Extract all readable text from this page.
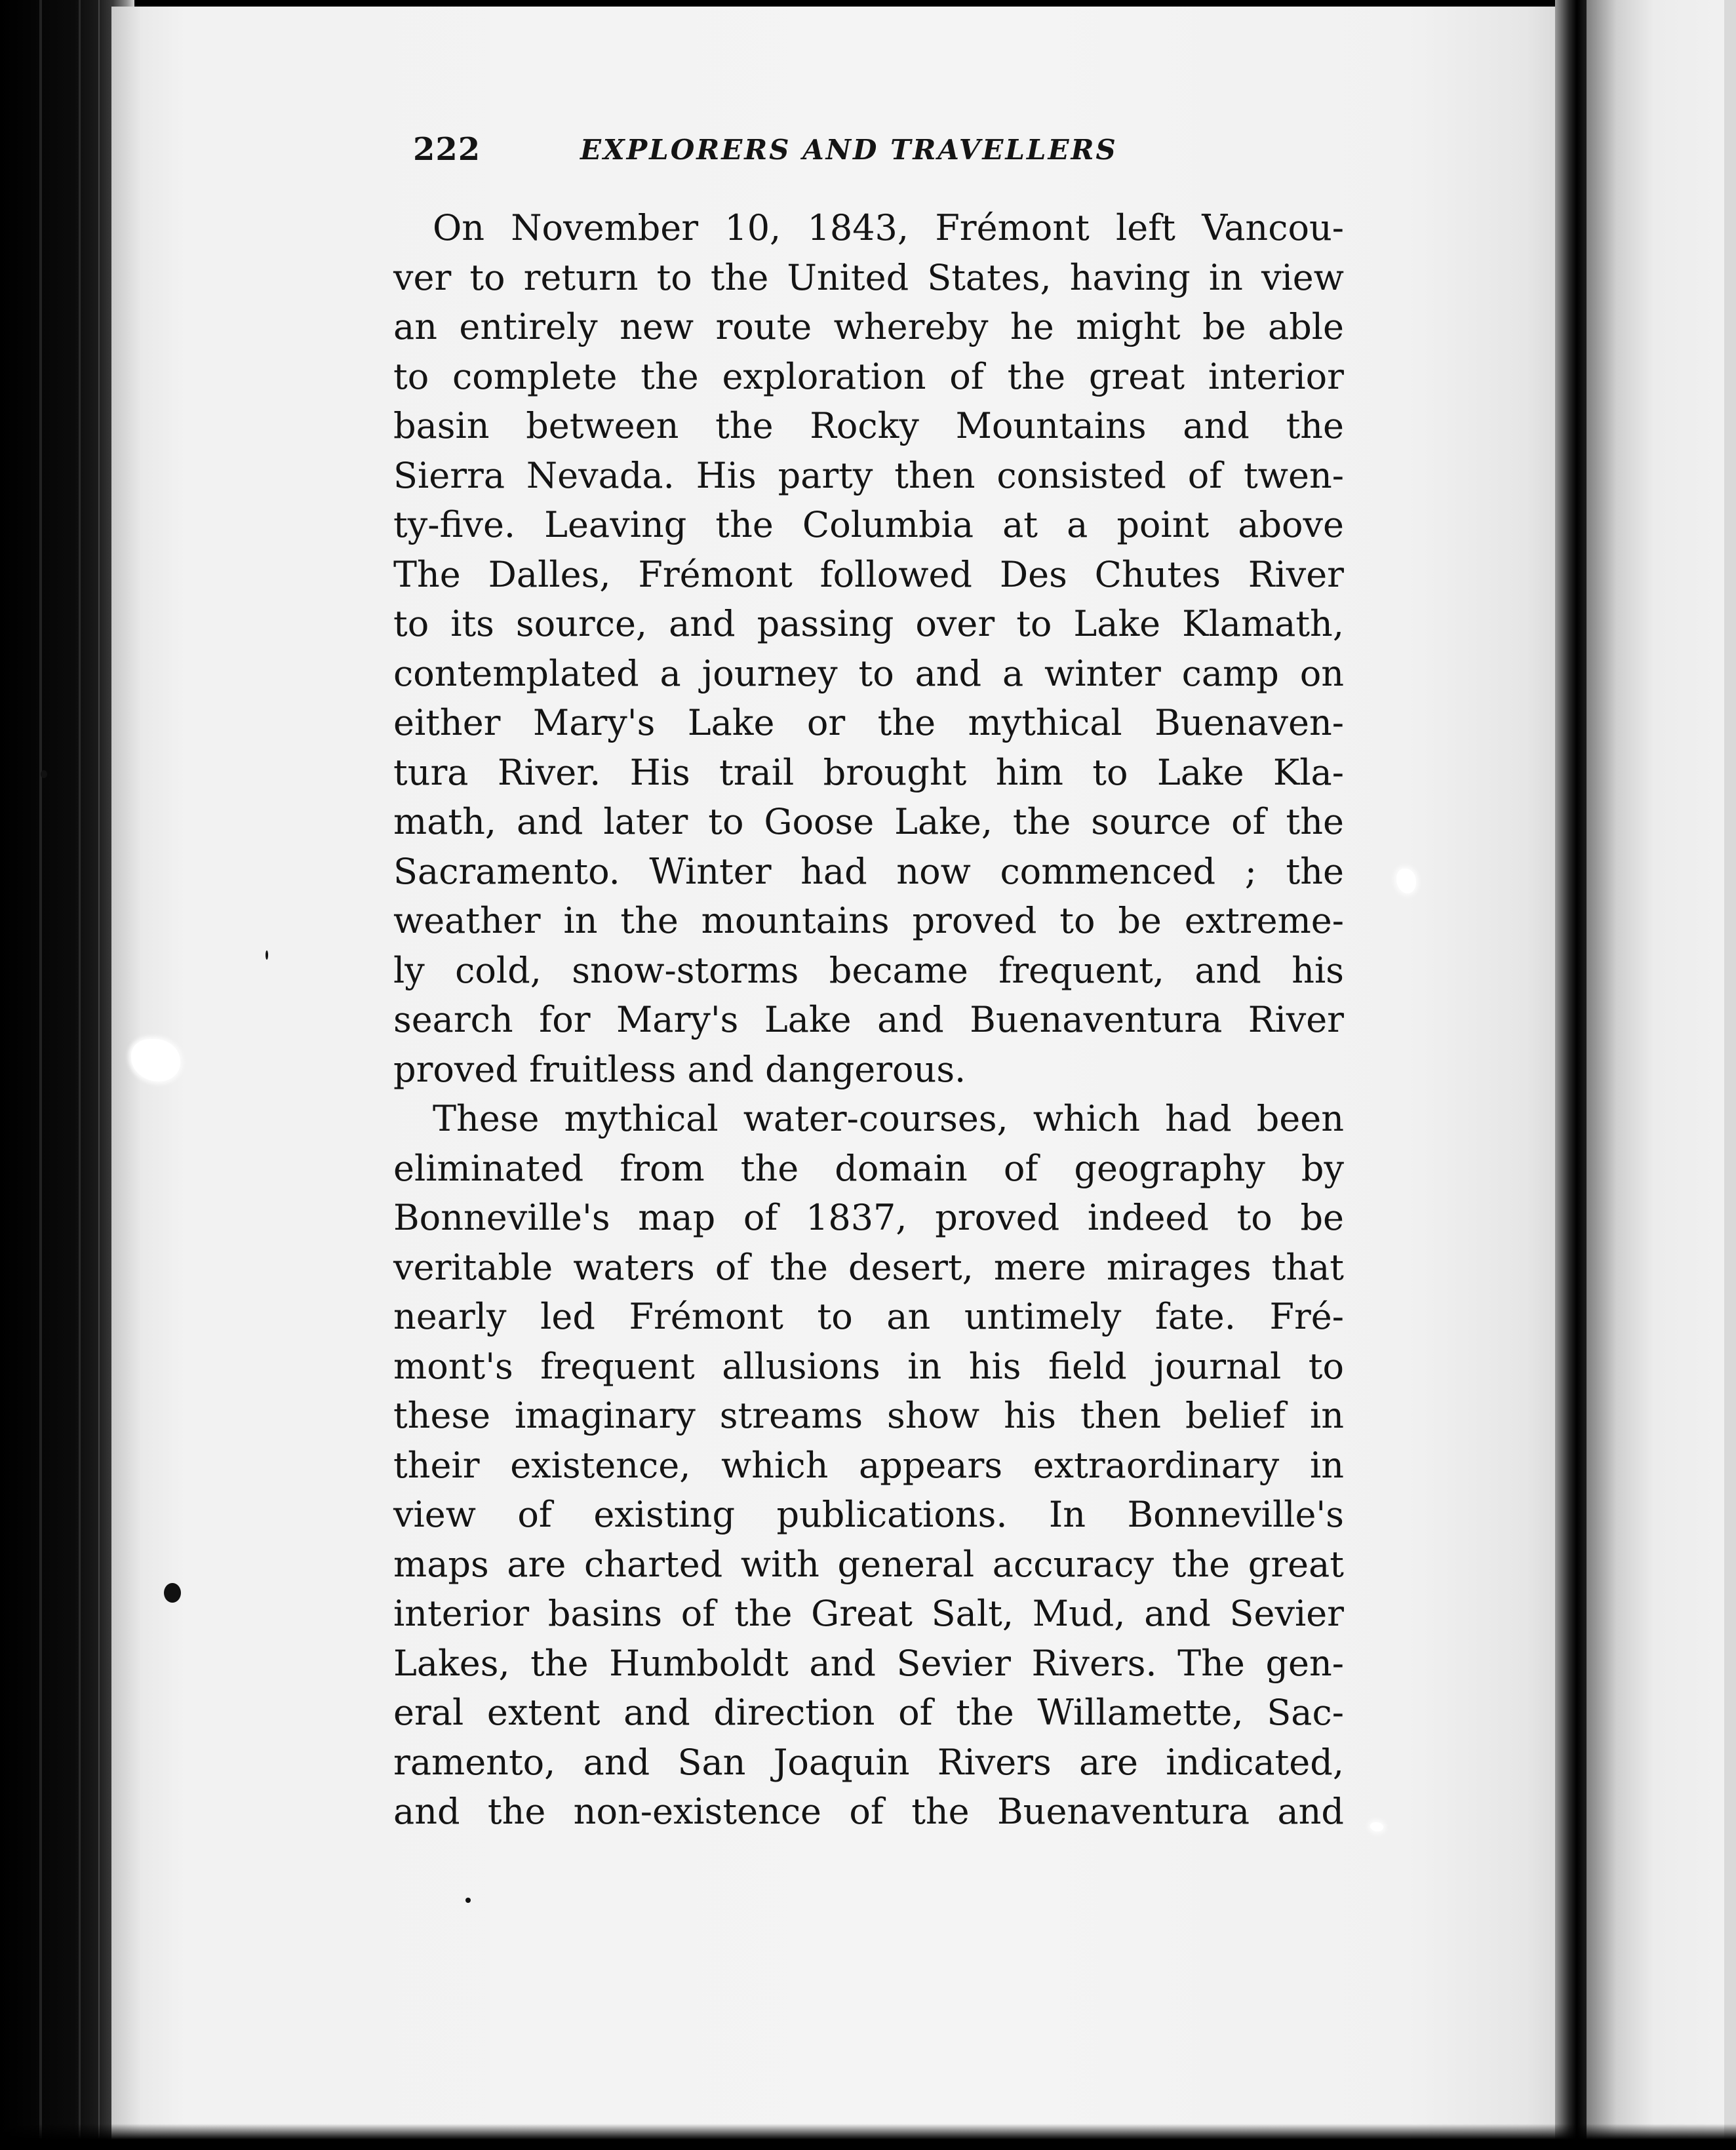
222	EXPLORERS AND TRAVELLERS
On November 10, 1843, Frémont left Vancou-
ver to return to the United States, having in view
an entirely new route whereby he might be able
to complete the exploration of the great interior
basin between the Rocky Mountains and the
Sierra Nevada. His party then consisted of twen-
ty-five. Leaving the Columbia at a point above
The Dalles, Frémont followed Des Chutes River
to its source, and passing over to Lake Klamath,
contemplated a journey to and a winter camp on
either Mary's Lake or the mythical Buenaven-
tura River. His trail brought him to Lake Kla-
math, and later to Goose Lake, the source of the
Sacramento. Winter had now commenced ; the
weather in the mountains proved to be extreme-
ly cold, snow-storms became frequent, and his
search for Mary's Lake and Buenaventura River
proved fruitless and dangerous.
These mythical water-courses, which had been
eliminated from the domain of geography by
Bonneville's map of 1837, proved indeed to be
veritable waters of the desert, mere mirages that
nearly led Frémont to an untimely fate. Fré-
mont's frequent allusions in his field journal to
these imaginary streams show his then belief in
their existence, which appears extraordinary in
view of existing publications. In Bonneville's
maps are charted with general accuracy the great
interior basins of the Great Salt, Mud, and Sevier
Lakes, the Humboldt and Sevier Rivers. The gen-
eral extent and direction of the Willamette, Sac-
ramento, and San Joaquin Rivers are indicated,
and the non-existence of the Buenaventura and
